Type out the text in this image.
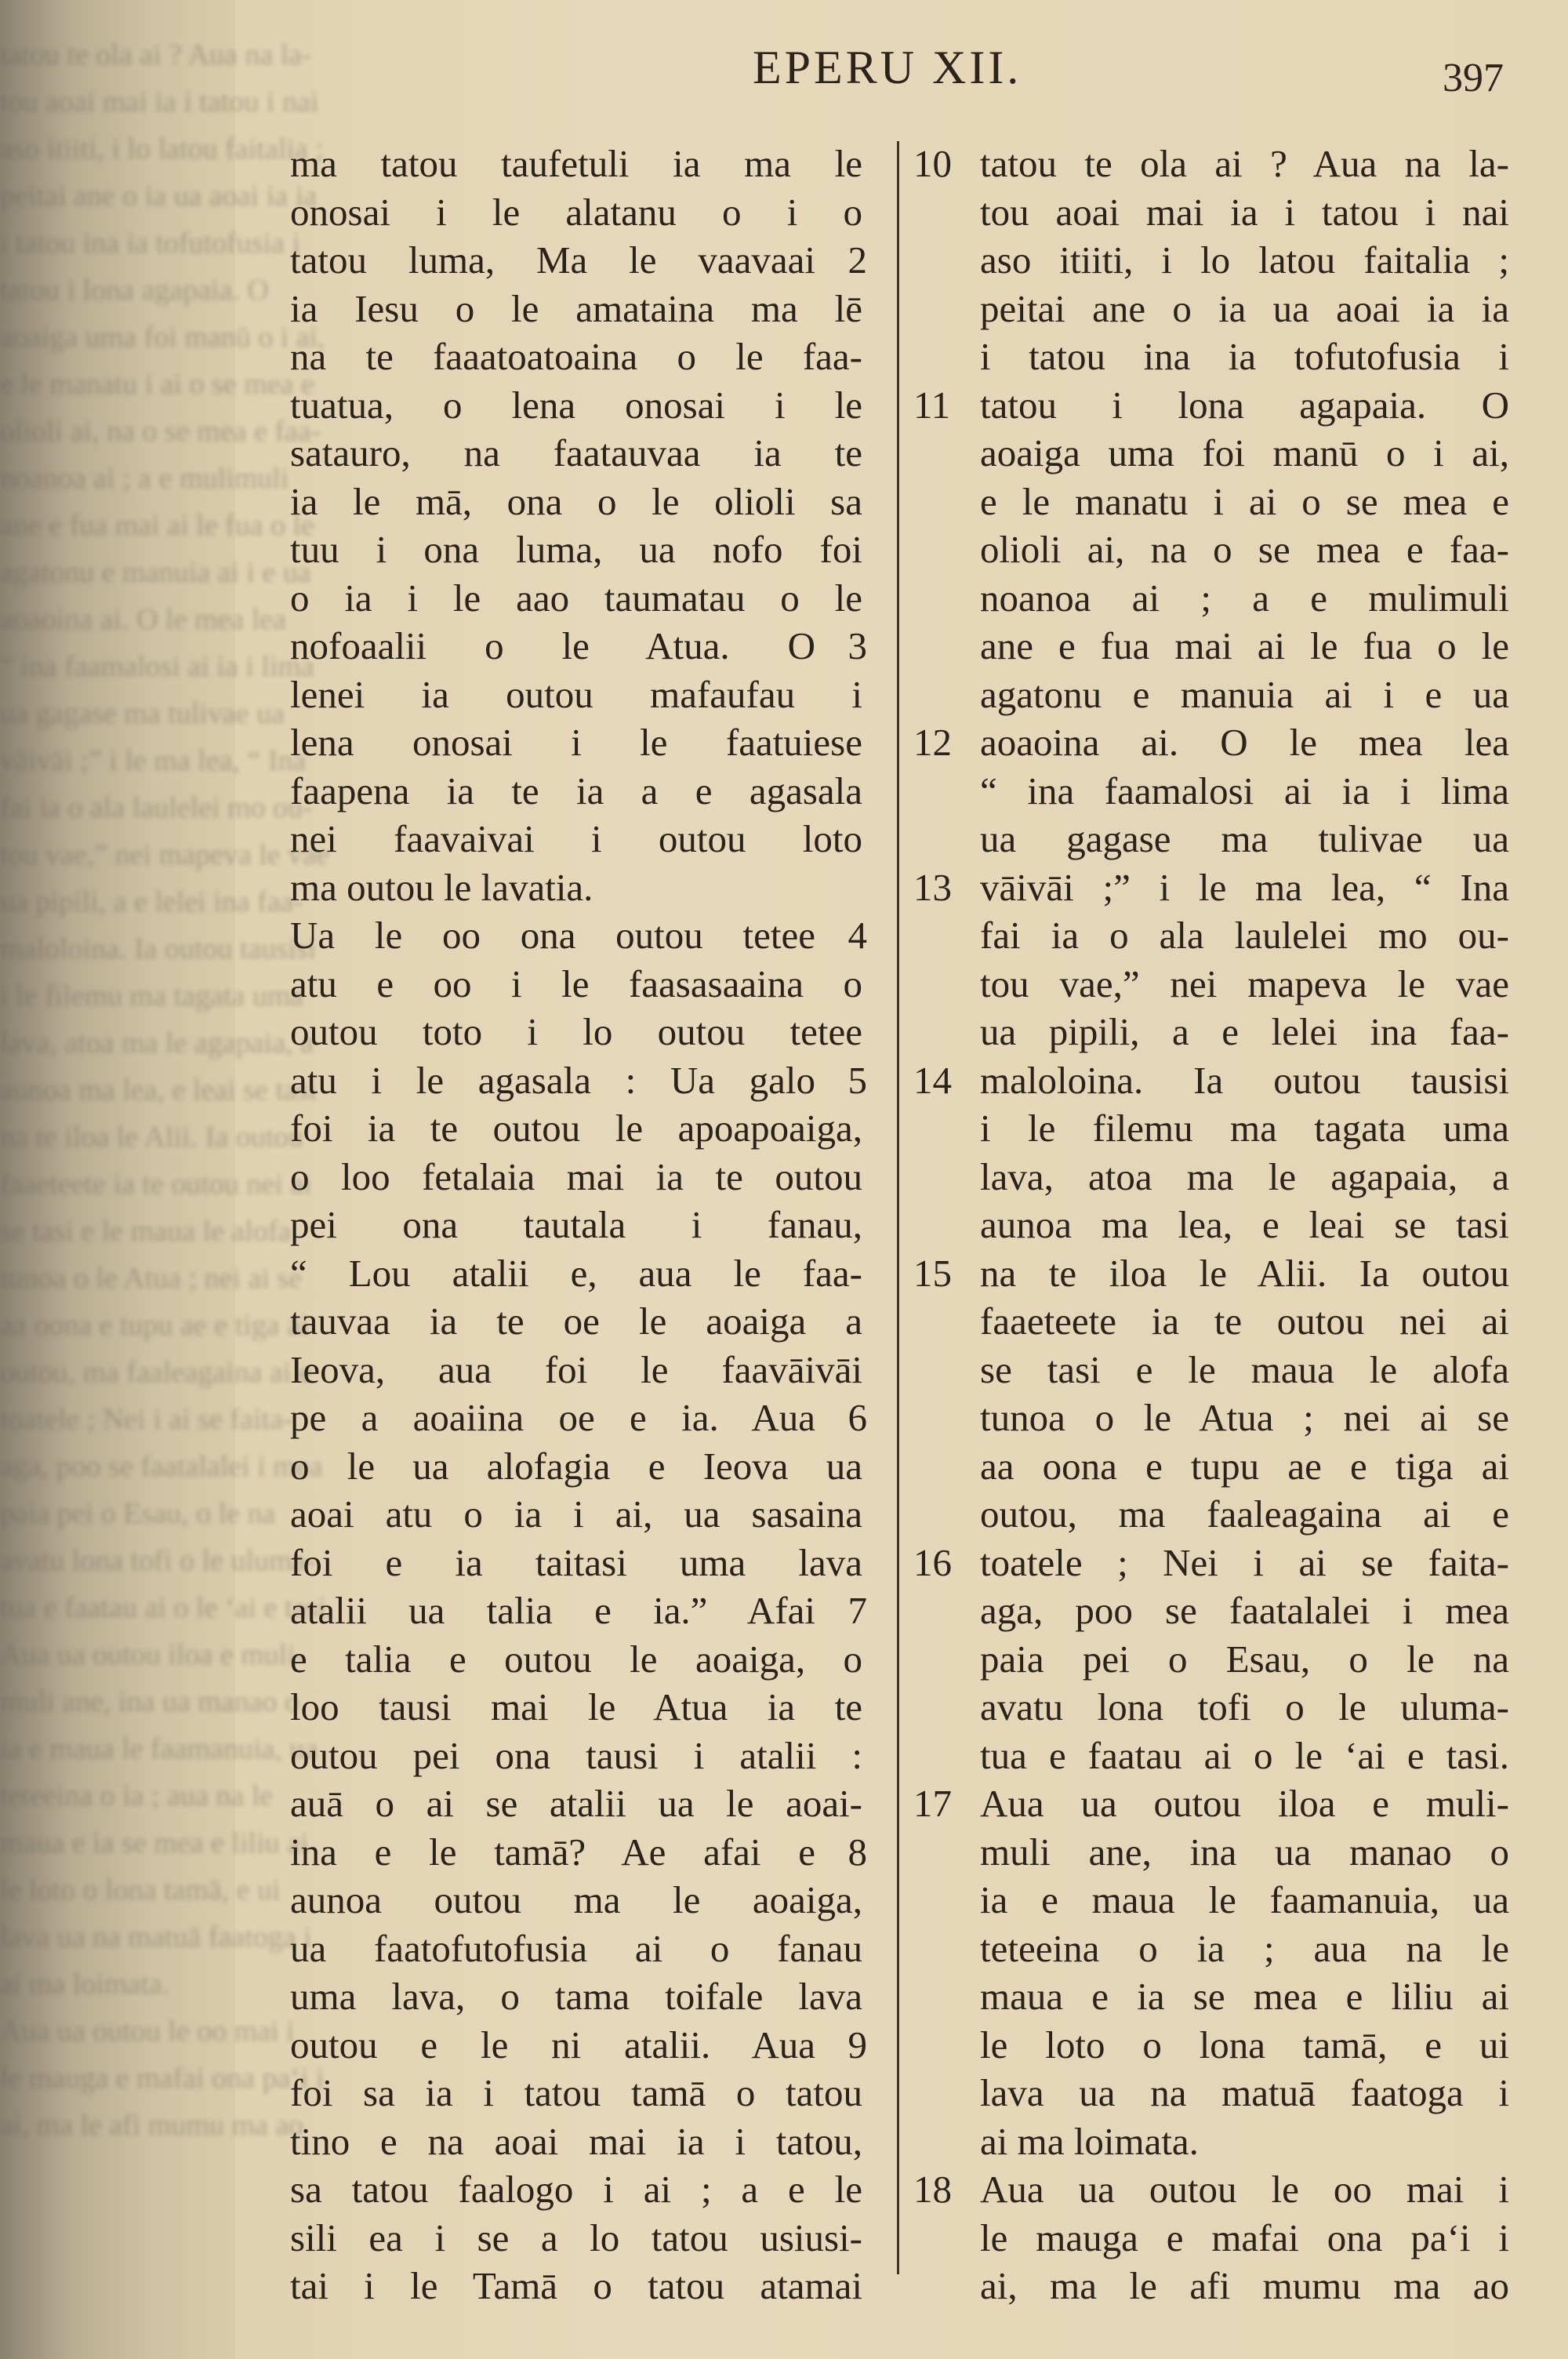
tatou te ola ai ? Aua na la-
tou aoai mai ia i tatou i nai
aso itiiti, i lo latou faitalia ;
peitai ane o ia ua aoai ia ia
i tatou ina ia tofutofusia i
tatou i lona agapaia. O
aoaiga uma foi manū o i ai,
e le manatu i ai o se mea e
olioli ai, na o se mea e faa-
noanoa ai ; a e mulimuli
ane e fua mai ai le fua o le
agatonu e manuia ai i e ua
aoaoina ai. O le mea lea
“ ina faamalosi ai ia i lima
ua gagase ma tulivae ua
vāivāi ;” i le ma lea, “ Ina
fai ia o ala laulelei mo ou-
tou vae,” nei mapeva le vae
ua pipili, a e lelei ina faa-
maloloina. Ia outou tausisi
i le filemu ma tagata uma
lava, atoa ma le agapaia, a
aunoa ma lea, e leai se tasi
na te iloa le Alii. Ia outou
faaeteete ia te outou nei ai
se tasi e le maua le alofa
tunoa o le Atua ; nei ai se
aa oona e tupu ae e tiga ai
outou, ma faaleagaina ai e
toatele ; Nei i ai se faita-
aga, poo se faatalalei i mea
paia pei o Esau, o le na
avatu lona tofi o le uluma-
tua e faatau ai o le ‘ai e tasi.
Aua ua outou iloa e muli-
muli ane, ina ua manao o
ia e maua le faamanuia, ua
teteeina o ia ; aua na le
maua e ia se mea e liliu ai
le loto o lona tamā, e ui
lava ua na matuā faatoga i
ai ma loimata.
Aua ua outou le oo mai i
le mauga e mafai ona pa‘i i
ai, ma le afi mumu ma ao
EPERU XII.	397
ma tatou taufetuli ia ma le
onosai i le alatanu o i o
2
tatou luma, Ma le vaavaai
ia Iesu o le amataina ma lē
na te faaatoatoaina o le faa-
tuatua, o lena onosai i le
satauro, na faatauvaa ia te
ia le mā, ona o le olioli sa
tuu i ona luma, ua nofo foi
o ia i le aao taumatau o le
3
nofoaalii o le Atua. O
lenei ia outou mafaufau i
lena onosai i le faatuiese
faapena ia te ia a e agasala
nei faavaivai i outou loto
ma outou le lavatia.
4
Ua le oo ona outou tetee
atu e oo i le faasasaaina o
outou toto i lo outou tetee
5
atu i le agasala : Ua galo
foi ia te outou le apoapoaiga,
o loo fetalaia mai ia te outou
pei ona tautala i fanau,
“ Lou atalii e, aua le faa-
tauvaa ia te oe le aoaiga a
Ieova, aua foi le faavāivāi
6
pe a aoaiina oe e ia. Aua
o le ua alofagia e Ieova ua
aoai atu o ia i ai, ua sasaina
foi e ia taitasi uma lava
7
atalii ua talia e ia.” Afai
e talia e outou le aoaiga, o
loo tausi mai le Atua ia te
outou pei ona tausi i atalii :
auā o ai se atalii ua le aoai-
8
ina e le tamā? Ae afai e
aunoa outou ma le aoaiga,
ua faatofutofusia ai o fanau
uma lava, o tama toifale lava
9
outou e le ni atalii. Aua
foi sa ia i tatou tamā o tatou
tino e na aoai mai ia i tatou,
sa tatou faalogo i ai ; a e le
sili ea i se a lo tatou usiusi-
tai i le Tamā o tatou atamai
10 tatou te ola ai ? Aua na la-
tou aoai mai ia i tatou i nai
aso itiiti, i lo latou faitalia ;
peitai ane o ia ua aoai ia ia
i tatou ina ia tofutofusia i
11 tatou i lona agapaia. O
aoaiga uma foi manū o i ai,
e le manatu i ai o se mea e
olioli ai, na o se mea e faa-
noanoa ai ; a e mulimuli
ane e fua mai ai le fua o le
agatonu e manuia ai i e ua
12 aoaoina ai. O le mea lea
“ ina faamalosi ai ia i lima
ua gagase ma tulivae ua
13 vāivāi ;” i le ma lea, “ Ina
fai ia o ala laulelei mo ou-
tou vae,” nei mapeva le vae
ua pipili, a e lelei ina faa-
14 maloloina. Ia outou tausisi
i le filemu ma tagata uma
lava, atoa ma le agapaia, a
aunoa ma lea, e leai se tasi
15 na te iloa le Alii. Ia outou
faaeteete ia te outou nei ai
se tasi e le maua le alofa
tunoa o le Atua ; nei ai se
aa oona e tupu ae e tiga ai
outou, ma faaleagaina ai e
16 toatele ; Nei i ai se faita-
aga, poo se faatalalei i mea
paia pei o Esau, o le na
avatu lona tofi o le uluma-
tua e faatau ai o le ‘ai e tasi.
17 Aua ua outou iloa e muli-
muli ane, ina ua manao o
ia e maua le faamanuia, ua
teteeina o ia ; aua na le
maua e ia se mea e liliu ai
le loto o lona tamā, e ui
lava ua na matuā faatoga i
ai ma loimata.
18 Aua ua outou le oo mai i
le mauga e mafai ona pa‘i i
ai, ma le afi mumu ma ao
